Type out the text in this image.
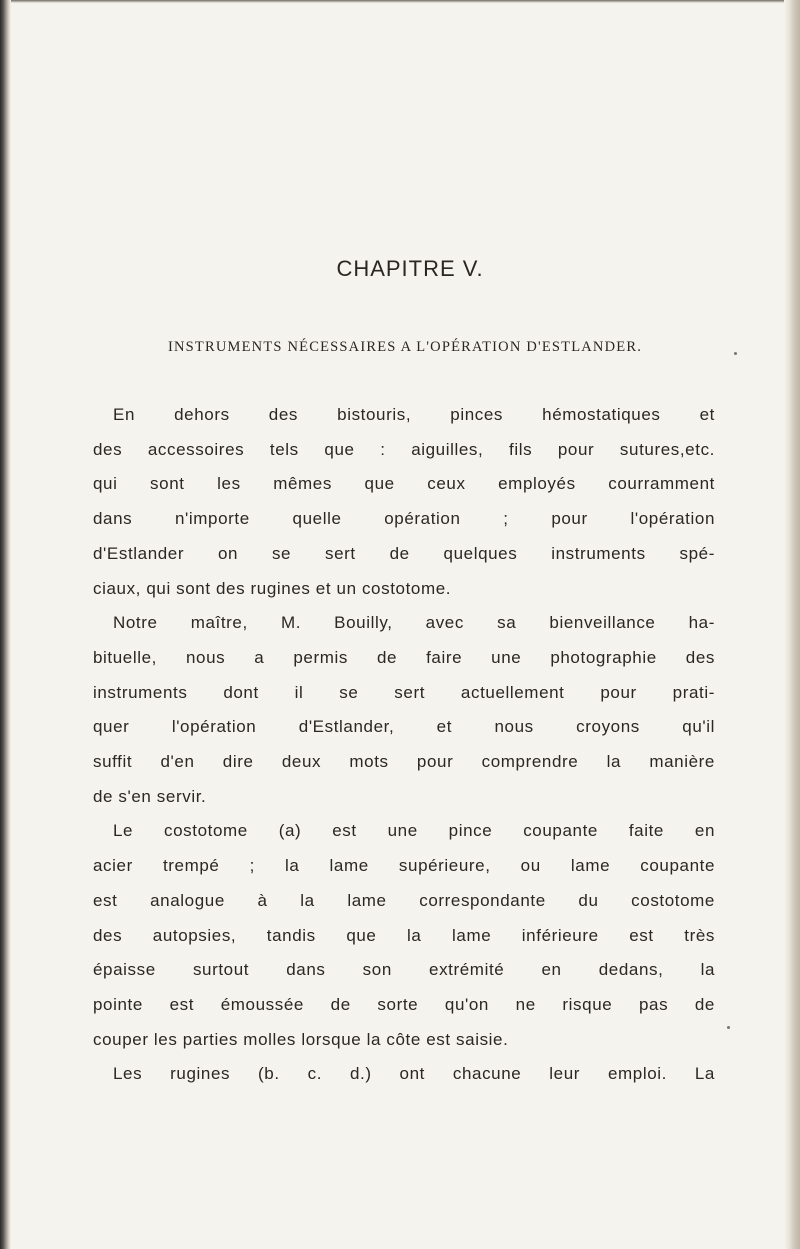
CHAPITRE V.
INSTRUMENTS NÉCESSAIRES A L'OPÉRATION D'ESTLANDER.
En dehors des bistouris, pinces hémostatiques et
des accessoires tels que : aiguilles, fils pour sutures,etc.
qui sont les mêmes que ceux employés courramment
dans n'importe quelle opération ; pour l'opération
d'Estlander on se sert de quelques instruments spé-
ciaux, qui sont des rugines et un costotome.
Notre maître, M. Bouilly, avec sa bienveillance ha-
bituelle, nous a permis de faire une photographie des
instruments dont il se sert actuellement pour prati-
quer l'opération d'Estlander, et nous croyons qu'il
suffit d'en dire deux mots pour comprendre la manière
de s'en servir.
Le costotome (a) est une pince coupante faite en
acier trempé ; la lame supérieure, ou lame coupante
est analogue à la lame correspondante du costotome
des autopsies, tandis que la lame inférieure est très
épaisse surtout dans son extrémité en dedans, la
pointe est émoussée de sorte qu'on ne risque pas de
couper les parties molles lorsque la côte est saisie.
Les rugines (b. c. d.) ont chacune leur emploi. La
